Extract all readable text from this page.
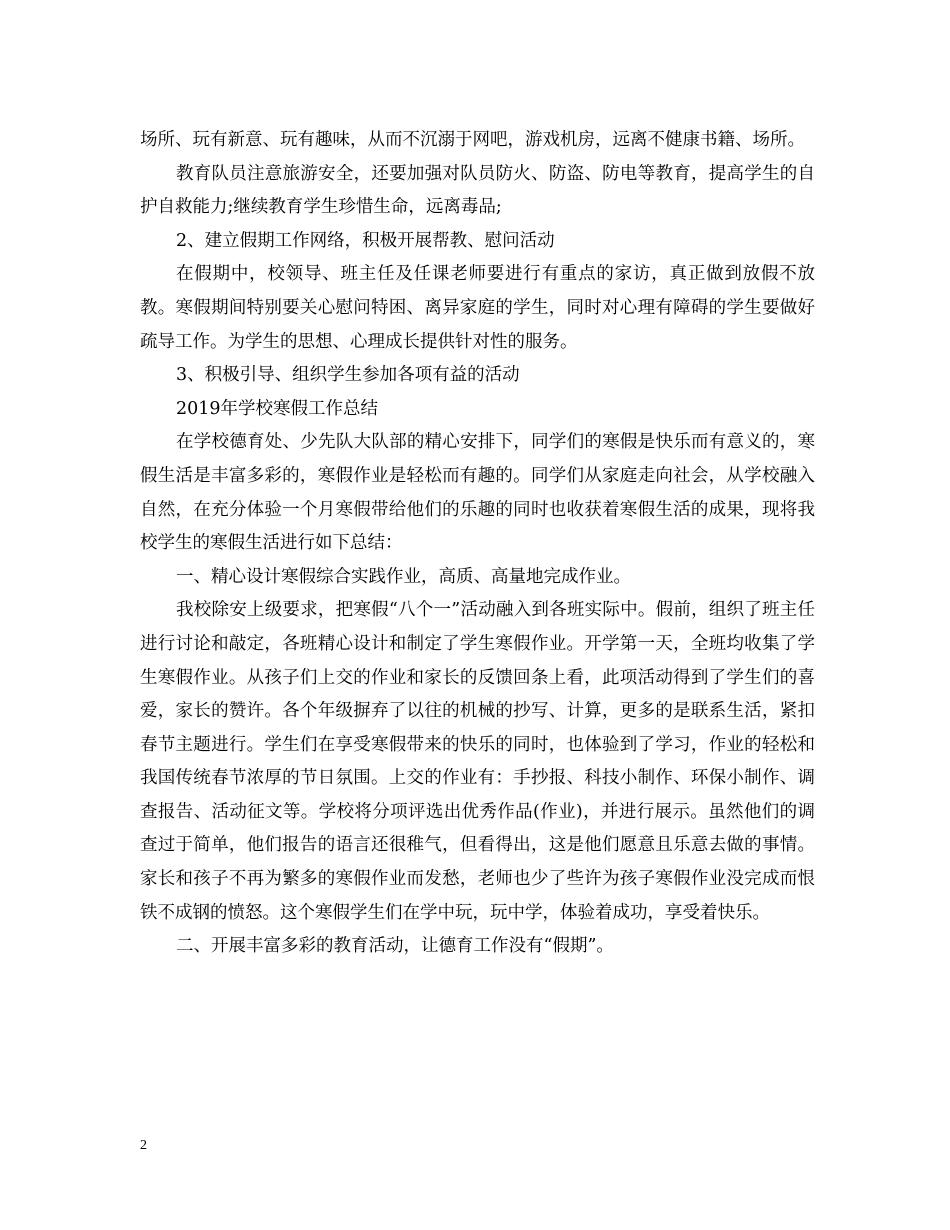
场所、玩有新意、玩有趣味，从而不沉溺于网吧，游戏机房，远离不健康书籍、场所。

教育队员注意旅游安全，还要加强对队员防火、防盗、防电等教育，提高学生的自护自救能力;继续教育学生珍惜生命，远离毒品;

2、建立假期工作网络，积极开展帮教、慰问活动

在假期中，校领导、班主任及任课老师要进行有重点的家访，真正做到放假不放教。寒假期间特别要关心慰问特困、离异家庭的学生，同时对心理有障碍的学生要做好疏导工作。为学生的思想、心理成长提供针对性的服务。

3、积极引导、组织学生参加各项有益的活动

2019年学校寒假工作总结

在学校德育处、少先队大队部的精心安排下，同学们的寒假是快乐而有意义的，寒假生活是丰富多彩的，寒假作业是轻松而有趣的。同学们从家庭走向社会，从学校融入自然，在充分体验一个月寒假带给他们的乐趣的同时也收获着寒假生活的成果，现将我校学生的寒假生活进行如下总结：

一、精心设计寒假综合实践作业，高质、高量地完成作业。

我校除安上级要求，把寒假“八个一”活动融入到各班实际中。假前，组织了班主任进行讨论和敲定，各班精心设计和制定了学生寒假作业。开学第一天，全班均收集了学生寒假作业。从孩子们上交的作业和家长的反馈回条上看，此项活动得到了学生们的喜爱，家长的赞许。各个年级摒弃了以往的机械的抄写、计算，更多的是联系生活，紧扣春节主题进行。学生们在享受寒假带来的快乐的同时，也体验到了学习，作业的轻松和我国传统春节浓厚的节日氛围。上交的作业有：手抄报、科技小制作、环保小制作、调查报告、活动征文等。学校将分项评选出优秀作品(作业)，并进行展示。虽然他们的调查过于简单，他们报告的语言还很稚气，但看得出，这是他们愿意且乐意去做的事情。家长和孩子不再为繁多的寒假作业而发愁，老师也少了些许为孩子寒假作业没完成而恨铁不成钢的愤怒。这个寒假学生们在学中玩，玩中学，体验着成功，享受着快乐。

二、开展丰富多彩的教育活动，让德育工作没有“假期”。

2
